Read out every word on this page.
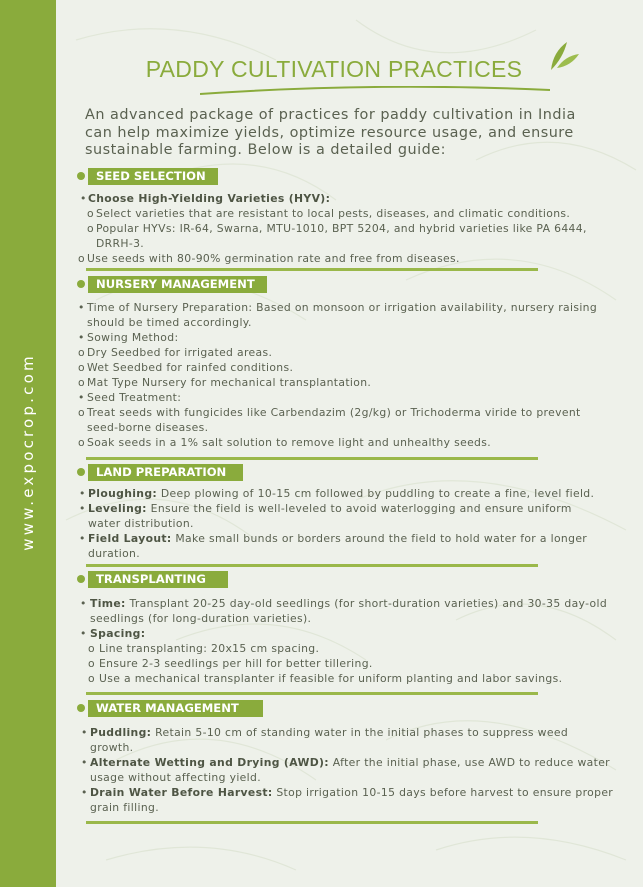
www.expocrop.com
PADDY CULTIVATION PRACTICES
An advanced package of practices for paddy cultivation in India can help maximize yields, optimize resource usage, and ensure sustainable farming. Below is a detailed guide:
SEED SELECTION
• Choose High-Yielding Varieties (HYV):
o Select varieties that are resistant to local pests, diseases, and climatic conditions.
o Popular HYVs: IR-64, Swarna, MTU-1010, BPT 5204, and hybrid varieties like PA 6444, DRRH-3.
o Use seeds with 80-90% germination rate and free from diseases.
NURSERY MANAGEMENT
• Time of Nursery Preparation: Based on monsoon or irrigation availability, nursery raising should be timed accordingly.
• Sowing Method:
o Dry Seedbed for irrigated areas.
o Wet Seedbed for rainfed conditions.
o Mat Type Nursery for mechanical transplantation.
• Seed Treatment:
o Treat seeds with fungicides like Carbendazim (2g/kg) or Trichoderma viride to prevent seed-borne diseases.
o Soak seeds in a 1% salt solution to remove light and unhealthy seeds.
LAND PREPARATION
• Ploughing: Deep plowing of 10-15 cm followed by puddling to create a fine, level field.
• Leveling: Ensure the field is well-leveled to avoid waterlogging and ensure uniform water distribution.
• Field Layout: Make small bunds or borders around the field to hold water for a longer duration.
TRANSPLANTING
• Time: Transplant 20-25 day-old seedlings (for short-duration varieties) and 30-35 day-old seedlings (for long-duration varieties).
• Spacing:
o Line transplanting: 20x15 cm spacing.
o Ensure 2-3 seedlings per hill for better tillering.
o Use a mechanical transplanter if feasible for uniform planting and labor savings.
WATER MANAGEMENT
• Puddling: Retain 5-10 cm of standing water in the initial phases to suppress weed growth.
• Alternate Wetting and Drying (AWD): After the initial phase, use AWD to reduce water usage without affecting yield.
• Drain Water Before Harvest: Stop irrigation 10-15 days before harvest to ensure proper grain filling.
